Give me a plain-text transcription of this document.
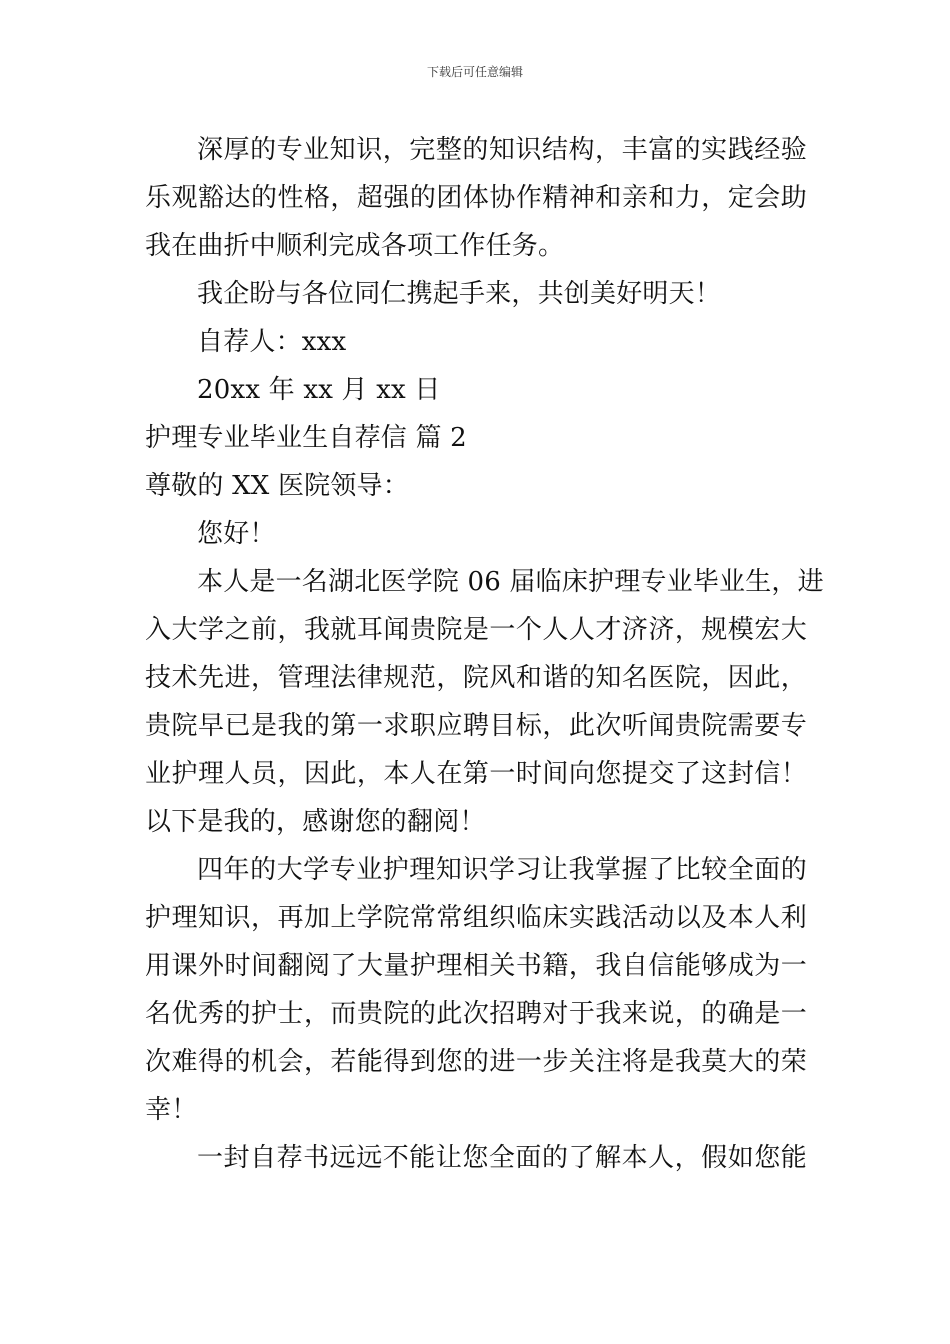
下载后可任意编辑
深厚的专业知识，完整的知识结构，丰富的实践经验
乐观豁达的性格，超强的团体协作精神和亲和力，定会助
我在曲折中顺利完成各项工作任务。
我企盼与各位同仁携起手来，共创美好明天！
自荐人：xxx
20xx 年 xx 月 xx 日
护理专业毕业生自荐信 篇 2
尊敬的 XX 医院领导：
您好！
本人是一名湖北医学院 06 届临床护理专业毕业生，进
入大学之前，我就耳闻贵院是一个人人才济济，规模宏大
技术先进，管理法律规范，院风和谐的知名医院，因此，
贵院早已是我的第一求职应聘目标，此次听闻贵院需要专
业护理人员，因此，本人在第一时间向您提交了这封信！
以下是我的，感谢您的翻阅！
四年的大学专业护理知识学习让我掌握了比较全面的
护理知识，再加上学院常常组织临床实践活动以及本人利
用课外时间翻阅了大量护理相关书籍，我自信能够成为一
名优秀的护士，而贵院的此次招聘对于我来说，的确是一
次难得的机会，若能得到您的进一步关注将是我莫大的荣
幸！
一封自荐书远远不能让您全面的了解本人，假如您能
